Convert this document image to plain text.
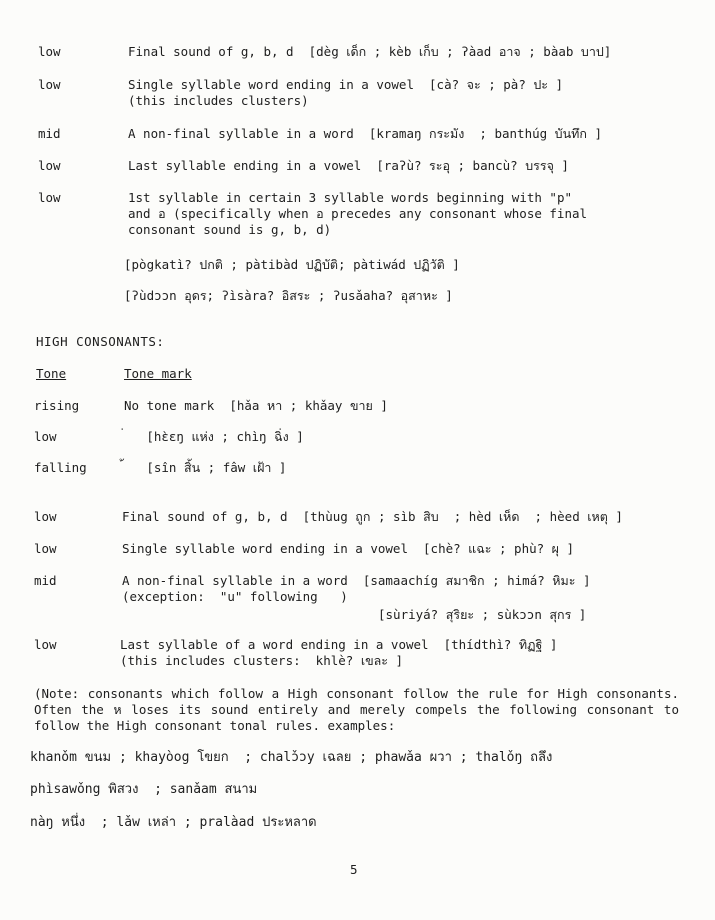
low	Final sound of g, b, d  [dèg เด็ก ; kèb เก็บ ; ʔàad อาจ ; bàab บาป]
low	Single syllable word ending in a vowel  [cà? จะ ; pà? ปะ ]
(this includes clusters)
mid	A non-final syllable in a word  [kramaŋ กระมัง  ; banthúg บันทึก ]
low	Last syllable ending in a vowel  [raʔù? ระอุ ; bancù? บรรจุ ]
low	1st syllable in certain 3 syllable words beginning with "p"
and อ (specifically when อ precedes any consonant whose final
consonant sound is g, b, d)
[pògkatì? ปกติ ; pàtibàd ปฏิบัติ; pàtiwád ปฏิวัติ ]
[ʔùdɔɔn อุดร; ʔìsàra? อิสระ ; ʔusǎaha? อุสาหะ ]
HIGH CONSONANTS:
Tone	Tone mark
rising	No tone mark  [hǎa หา ; khǎay ขาย ]
low	่   [hɛ̀ɛŋ แห่ง ; chìŋ ฉิ่ง ]
falling ้   [sîn สิ้น ; fâw เฝ้า ]
low	Final sound of g, b, d  [thùug ถูก ; sìb สิบ  ; hèd เห็ด  ; hèed เหตุ ]
low	Single syllable word ending in a vowel  [chè? แฉะ ; phù? ผุ ]
mid	A non-final syllable in a word  [samaachíg สมาชิก ; himá? หิมะ ]
(exception:  "u" following   )
[sùriyá? สุริยะ ; sùkɔɔn สุกร ]
low	Last syllable of a word ending in a vowel  [thídthì? ทิฏฐิ ]
(this includes clusters:  khlè? เขละ ]
(Note: consonants which follow a High consonant follow the rule for High consonants. Often the ห loses its sound entirely and merely compels the following consonant to follow the High consonant tonal rules. examples:
khanǒm ขนม ; khayòog โขยก  ; chalɔ̌ɔy เฉลย ; phawǎa ผวา ; thalǒŋ ถลึง
phìsawǒng พิสวง  ; sanǎam สนาม
nàŋ หนึ่ง  ; lǎw เหล่า ; pralàad ประหลาด
5
